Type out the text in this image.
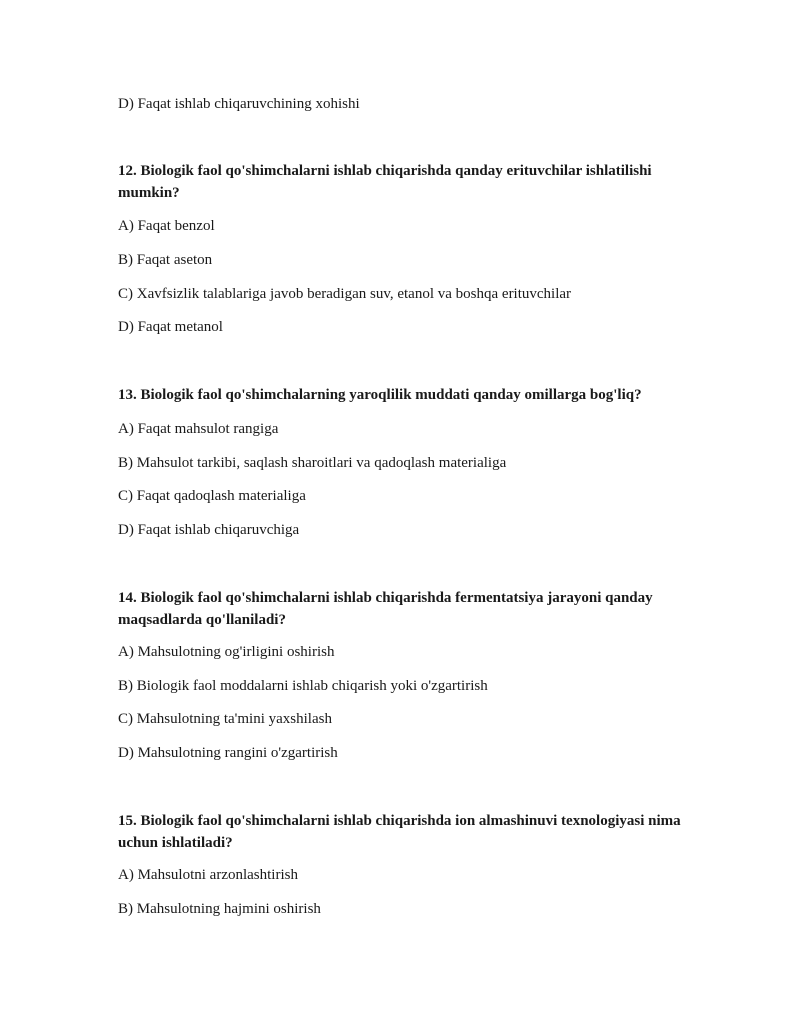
D) Faqat ishlab chiqaruvchining xohishi
12. Biologik faol qo'shimchalarni ishlab chiqarishda qanday erituvchilar ishlatilishi mumkin?
A) Faqat benzol
B) Faqat aseton
C) Xavfsizlik talablariga javob beradigan suv, etanol va boshqa erituvchilar
D) Faqat metanol
13. Biologik faol qo'shimchalarning yaroqlilik muddati qanday omillarga bog'liq?
A) Faqat mahsulot rangiga
B) Mahsulot tarkibi, saqlash sharoitlari va qadoqlash materialiga
C) Faqat qadoqlash materialiga
D) Faqat ishlab chiqaruvchiga
14. Biologik faol qo'shimchalarni ishlab chiqarishda fermentatsiya jarayoni qanday maqsadlarda qo'llaniladi?
A) Mahsulotning og'irligini oshirish
B) Biologik faol moddalarni ishlab chiqarish yoki o'zgartirish
C) Mahsulotning ta'mini yaxshilash
D) Mahsulotning rangini o'zgartirish
15. Biologik faol qo'shimchalarni ishlab chiqarishda ion almashinuvi texnologiyasi nima uchun ishlatiladi?
A) Mahsulotni arzonlashtirish
B) Mahsulotning hajmini oshirish
